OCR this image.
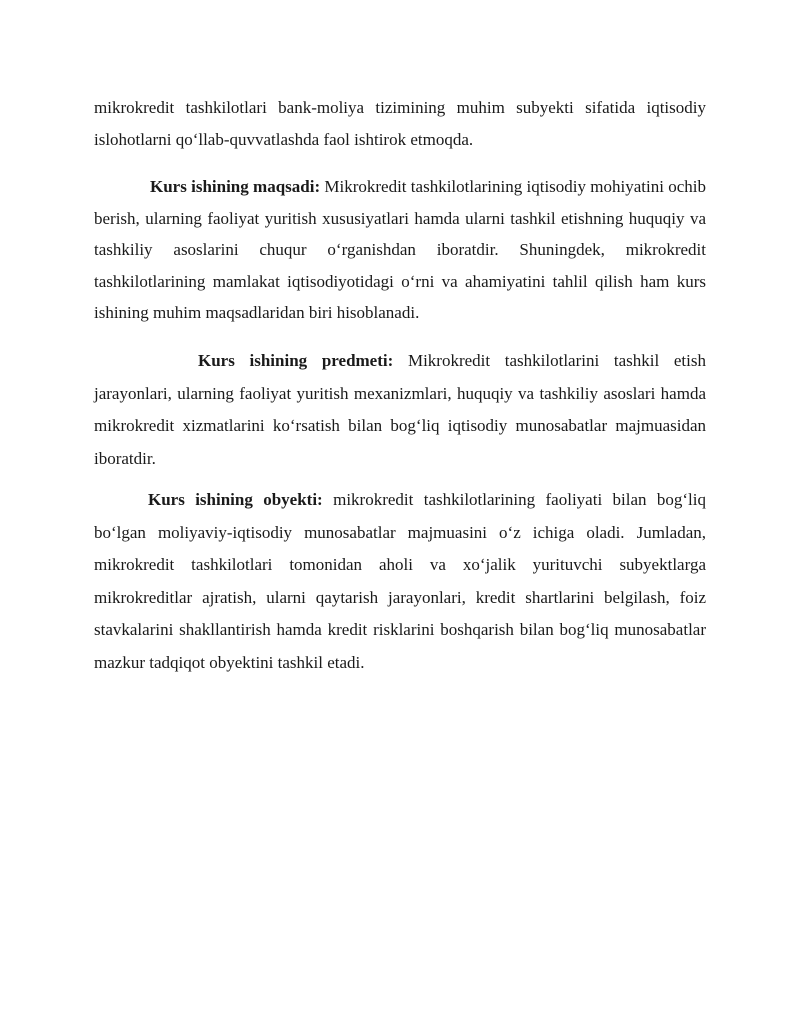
mikrokredit tashkilotlari bank-moliya tizimining muhim subyekti sifatida iqtisodiy islohotlarni qo‘llab-quvvatlashda faol ishtirok etmoqda.

Kurs ishining maqsadi: Mikrokredit tashkilotlarining iqtisodiy mohiyatini ochib berish, ularning faoliyat yuritish xususiyatlari hamda ularni tashkil etishning huquqiy va tashkiliy asoslarini chuqur o‘rganishdan iboratdir. Shuningdek, mikrokredit tashkilotlarining mamlakat iqtisodiyotidagi o‘rni va ahamiyatini tahlil qilish ham kurs ishining muhim maqsadlaridan biri hisoblanadi.

Kurs ishining predmeti: Mikrokredit tashkilotlarini tashkil etish jarayonlari, ularning faoliyat yuritish mexanizmlari, huquqiy va tashkiliy asoslari hamda mikrokredit xizmatlarini ko‘rsatish bilan bog‘liq iqtisodiy munosabatlar majmuasidan iboratdir.

Kurs ishining obyekti: mikrokredit tashkilotlarining faoliyati bilan bog‘liq bo‘lgan moliyaviy-iqtisodiy munosabatlar majmuasini o‘z ichiga oladi. Jumladan, mikrokredit tashkilotlari tomonidan aholi va xo‘jalik yurituvchi subyektlarga mikrokreditlar ajratish, ularni qaytarish jarayonlari, kredit shartlarini belgilash, foiz stavkalarini shakllantirish hamda kredit risklarini boshqarish bilan bog‘liq munosabatlar mazkur tadqiqot obyektini tashkil etadi.
